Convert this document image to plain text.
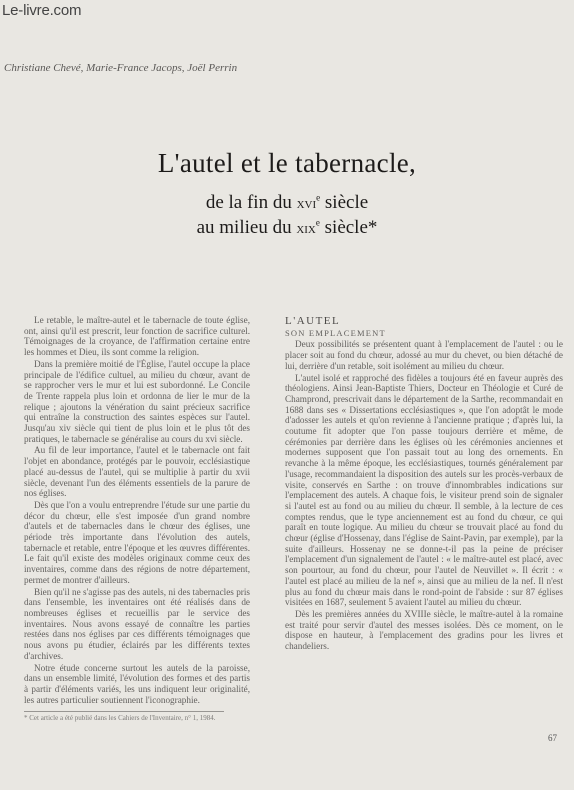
Le-livre.com
Christiane Chevé, Marie-France Jacops, Joël Perrin
L'autel et le tabernacle,
de la fin du xvi$^e$ siècle
au milieu du xix$^e$ siècle*

Le retable, le maître-autel et le tabernacle de toute église, ont, ainsi qu'il est prescrit, leur fonction de sacrifice culturel. Témoignages de la croyance, de l'affirmation certaine entre les hommes et Dieu, ils sont comme la religion.

Dans la première moitié de l'Église, l'autel occupe la place principale de l'édifice cultuel, au milieu du chœur, avant de se rapprocher vers le mur et lui est subordonné. Le Concile de Trente rappela plus loin et ordonna de lier le mur de la relique ; ajoutons la vénération du saint précieux sacrifice qui entraîne la construction des saintes espèces sur l'autel. Jusqu'au xiv siècle qui tient de plus loin et le plus tôt des pratiques, le tabernacle se généralise au cours du xvi siècle.

Au fil de leur importance, l'autel et le tabernacle ont fait l'objet en abondance, protégés par le pouvoir, ecclésiastique placé au-dessus de l'autel, qui se multiplie à partir du xvii siècle, devenant l'un des éléments essentiels de la parure de nos églises.

Dès que l'on a voulu entreprendre l'étude sur une partie du décor du chœur, elle s'est imposée d'un grand nombre d'autels et de tabernacles dans le chœur des églises, une période très importante dans l'évolution des autels, tabernacle et retable, entre l'époque et les œuvres différentes. Le fait qu'il existe des modèles originaux comme ceux des inventaires, comme dans des régions de notre département, permet de montrer d'ailleurs.

Bien qu'il ne s'agisse pas des autels, ni des tabernacles pris dans l'ensemble, les inventaires ont été réalisés dans de nombreuses églises et recueillis par le service des inventaires. Nous avons essayé de connaître les parties restées dans nos églises par ces différents témoignages que nous avons pu étudier, éclairés par les différents textes d'archives.

Notre étude concerne surtout les autels de la paroisse, dans un ensemble limité, l'évolution des formes et des partis à partir d'éléments variés, les uns indiquent leur originalité, les autres particulier soutiennent l'iconographie.

* Cet article a été publié dans les Cahiers de l'Inventaire, n° 1, 1984.

L'AUTEL

SON EMPLACEMENT

Deux possibilités se présentent quant à l'emplacement de l'autel : ou le placer soit au fond du chœur, adossé au mur du chevet, ou bien détaché de lui, derrière d'un retable, soit isolément au milieu du chœur.

L'autel isolé et rapproché des fidèles a toujours été en faveur auprès des théologiens. Ainsi Jean-Baptiste Thiers, Docteur en Théologie et Curé de Champrond, prescrivait dans le département de la Sarthe, recommandait en 1688 dans ses « Dissertations ecclésiastiques », que l'on adoptât le mode d'adosser les autels et qu'on revienne à l'ancienne pratique ; d'après lui, la coutume fit adopter que l'on passe toujours derrière et même, de cérémonies par derrière dans les églises où les cérémonies anciennes et modernes supposent que l'on passait tout au long des ornements. En revanche à la même époque, les ecclésiastiques, tournés généralement par l'usage, recommandaient la disposition des autels sur les procès-verbaux de visite, conservés en Sarthe : on trouve d'innombrables indications sur l'emplacement des autels. A chaque fois, le visiteur prend soin de signaler si l'autel est au fond ou au milieu du chœur. Il semble, à la lecture de ces comptes rendus, que le type anciennement est au fond du chœur, ce qui paraît en toute logique. Au milieu du chœur se trouvait placé au fond du chœur (église d'Hossenay, dans l'église de Saint-Pavin, par exemple), par la suite d'ailleurs. Hossenay ne se donne-t-il pas la peine de préciser l'emplacement d'un signalement de l'autel : « le maître-autel est placé, avec son pourtour, au fond du chœur, pour l'autel de Neuvillet ». Il écrit : « l'autel est placé au milieu de la nef », ainsi que au milieu de la nef. Il n'est plus au fond du chœur mais dans le rond-point de l'abside : sur 87 églises visitées en 1687, seulement 5 avaient l'autel au milieu du chœur.

Dès les premières années du XVIIIe siècle, le maître-autel à la romaine est traité pour servir d'autel des messes isolées. Dès ce moment, on le dispose en hauteur, à l'emplacement des gradins pour les livres et chandeliers.

67
